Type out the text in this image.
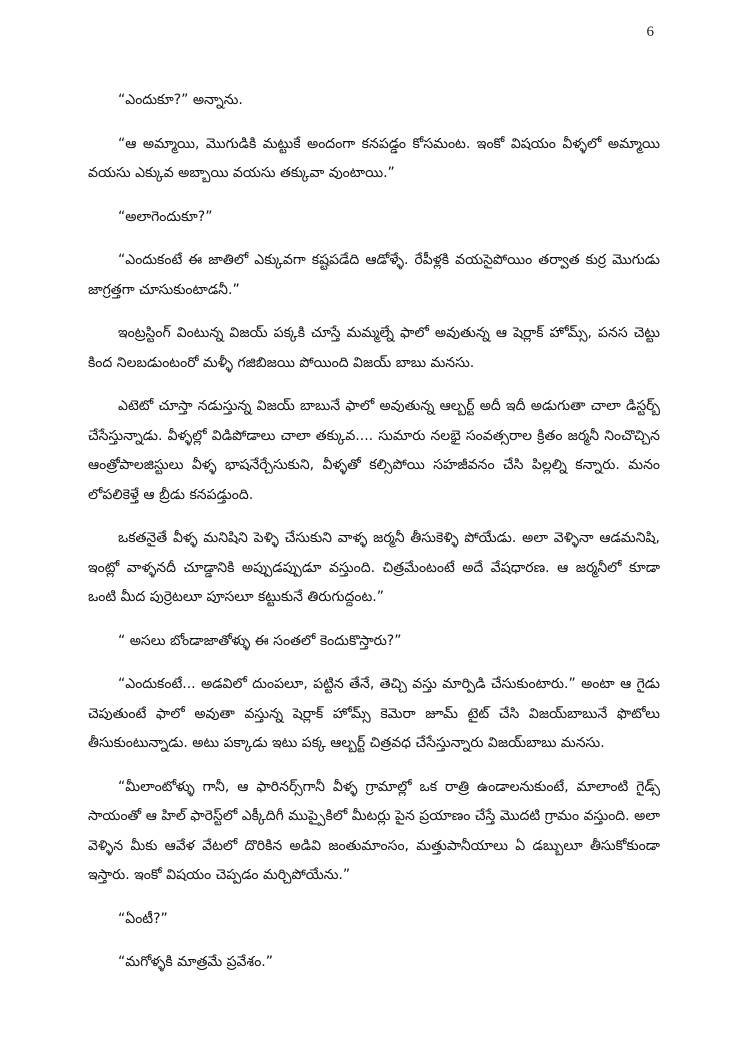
6

“ఎందుకూ?” అన్నాను.

“ఆ అమ్మాయి, మొగుడికి మట్టుకే అందంగా కనపడ్డం కోసమంట. ఇంకో విషయం వీళ్ళలో అమ్మాయి వయసు ఎక్కువ అబ్బాయి వయసు తక్కువా వుంటాయి.”

“అలాగెందుకూ?”

“ఎందుకంటే ఈ జాతిలో ఎక్కువగా కష్టపడేది ఆడోళ్ళే. రేపీళ్లకి వయసైపోయిం తర్వాత కుర్ర మొగుడు జాగ్రత్తగా చూసుకుంటాడనీ.”

ఇంట్రస్టింగ్ వింటున్న విజయ్ పక్కకి చూస్తే మమ్మల్నే ఫాలో అవుతున్న ఆ షెర్లాక్ హోమ్స్, పనస చెట్టు కింద నిలబడుంటంరో మళ్ళీ గజిబిజయి పోయింది విజయ్ బాబు మనసు.

ఎటెటో చూస్తా నడుస్తున్న విజయ్ బాబునే ఫాలో అవుతున్న ఆల్బర్ట్ అదీ ఇదీ అడుగుతా చాలా డిస్టర్బ్ చేసేస్తున్నాడు. వీళ్ళల్లో విడిపోడాలు చాలా తక్కువ.... సుమారు నలభై సంవత్సరాల క్రితం జర్మనీ నించొచ్చిన ఆంత్రోపాలజిస్టులు వీళ్ళ భాషనేర్చేసుకుని, వీళ్ళతో కల్సిపోయి సహజీవనం చేసి పిల్లల్ని కన్నారు. మనం లోపలికెళ్తే ఆ బ్రీడు కనపడ్తుంది.

ఒకతనైతే వీళ్ళ మనిషిని పెళ్ళి చేసుకుని వాళ్ళ జర్మనీ తీసుకెళ్ళి పోయేడు. అలా వెళ్ళినా ఆడమనిషి, ఇంట్లో వాళ్ళనదీ చూడ్డానికి అప్పుడప్పుడూ వస్తుంది. చిత్రమేంటంటే అదే వేషధారణ. ఆ జర్మనీలో కూడా ఒంటి మీద పుర్రెటలూ పూసలూ కట్టుకునే తిరుగుద్దంట.”

“ అసలు బోండాజాతోళ్ళు ఈ సంతలో కెందుకొస్తారు?”

“ఎందుకంటే... అడవిలో దుంపలూ, పట్టిన తేనే, తెచ్చి వస్తు మార్పిడి చేసుకుంటారు.” అంటా ఆ గైడు చెపుతుంటే ఫాలో అవుతా వస్తున్న షెర్లాక్ హోమ్స్ కెమెరా జూమ్ టైట్ చేసి విజయ్‌బాబునే ఫొటోలు తీసుకుంటున్నాడు. అటు పక్కాడు ఇటు పక్క ఆల్బర్ట్ చిత్రవధ చేసేస్తున్నారు విజయ్‌బాబు మనసు.

“మీలాంటోళ్ళు గానీ, ఆ ఫారినర్స్‌గానీ వీళ్ళ గ్రామాల్లో ఒక రాత్రి ఉండాలనుకుంటే, మాలాంటి గైడ్స్ సాయంతో ఆ హిల్ ఫారెస్ట్‌లో ఎక్కీదిగీ ముప్పైకిలో మీటర్లు పైన ప్రయాణం చేస్తే మొదటి గ్రామం వస్తుంది. అలా వెళ్ళిన మీకు ఆవేళ వేటలో దొరికిన అడివి జంతుమాంసం, మత్తుపానీయాలు ఏ డబ్బులూ తీసుకోకుండా ఇస్తారు. ఇంకో విషయం చెప్పడం మర్చిపోయేను.”

“ఏంటీ?”

“మగోళ్ళకి మాత్రమే ప్రవేశం.”
